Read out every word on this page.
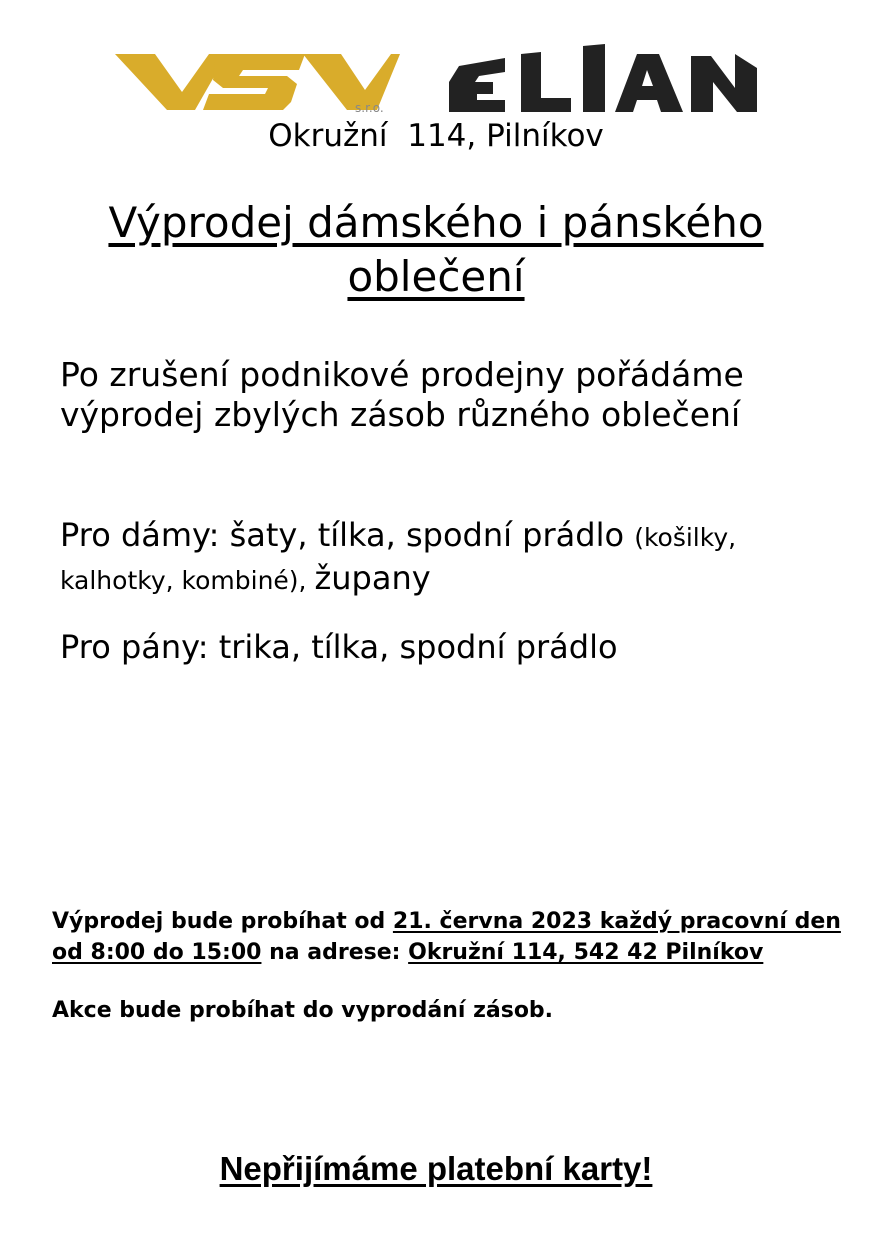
s.r.o.
Okružní  114, Pilníkov
Výprodej dámského i pánského oblečení
Po zrušení podnikové prodejny pořádáme výprodej zbylých zásob různého oblečení
Pro dámy: šaty, tílka, spodní prádlo (košilky, kalhotky, kombiné), župany
Pro pány: trika, tílka, spodní prádlo
Výprodej bude probíhat od 21. června 2023 každý pracovní den od 8:00 do 15:00 na adrese: Okružní 114, 542 42 Pilníkov
Akce bude probíhat do vyprodání zásob.
Nepřijímáme platební karty!
